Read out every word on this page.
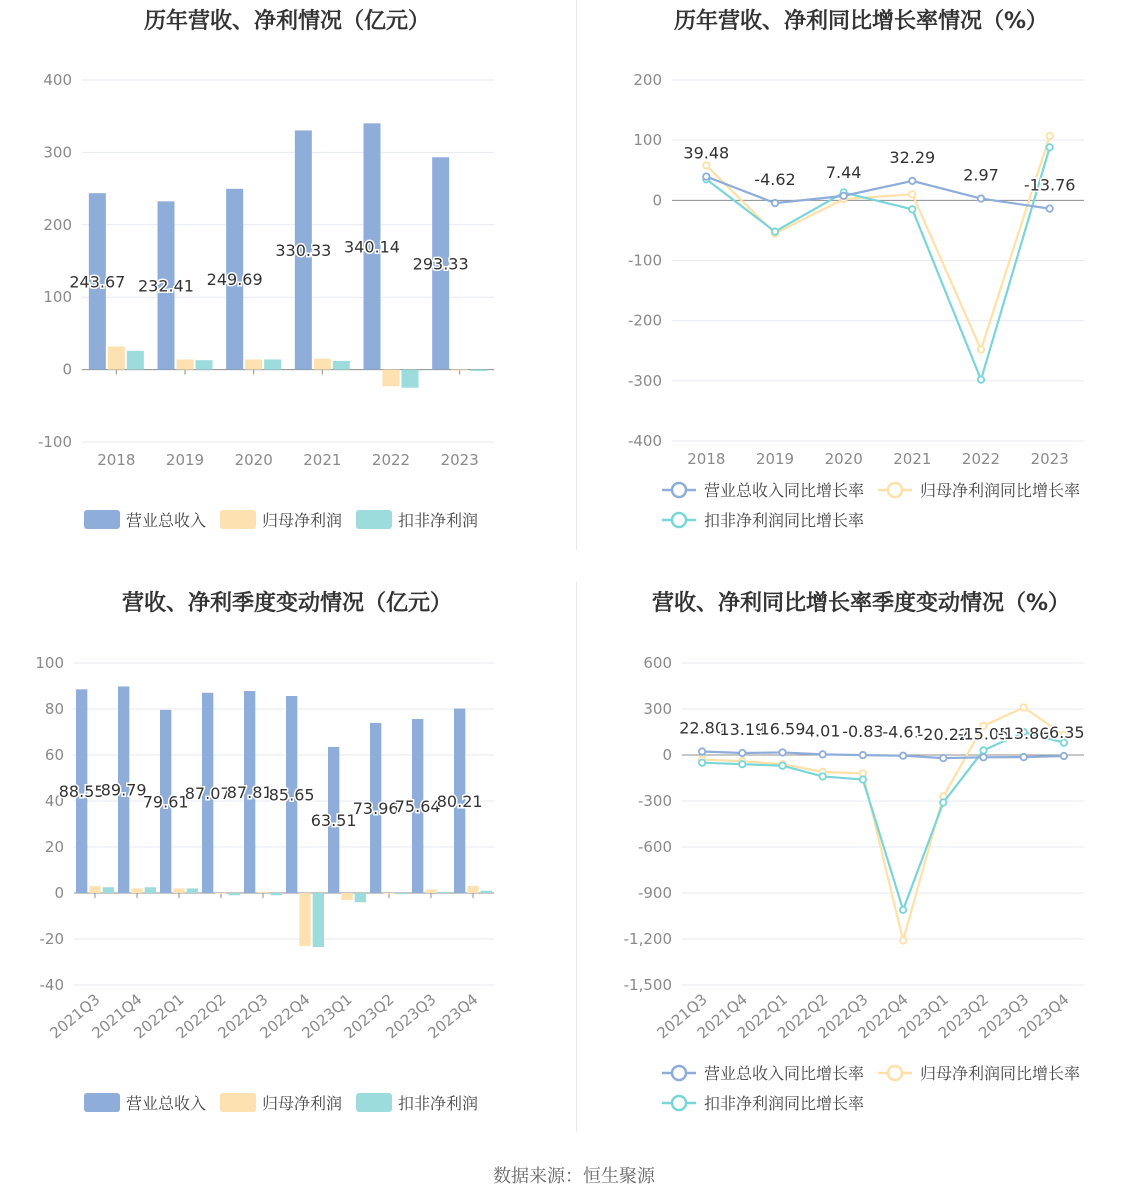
历年营收、净利情况（亿元）
400
300
200
100
0
-100
2018 2019 2020 2021 2022 2023
243.67 232.41 249.69
330.33 340.14
293.33
营业总收入	归母净利润	扣非净利润
历年营收、净利同比增长率情况（%）
200
100
0
-100
-200
-300
-400
2018 2019 2020 2021 2022 2023
39.48
-4.62 7.44
32.29
2.97
-13.76
营业总收入同比增长率	归母净利润同比增长率
扣非净利润同比增长率
营收、净利季度变动情况（亿元）
100
80
60
40
20
0
-20
-40
2021Q3
2021Q4
2022Q1
2022Q2
2022Q3
2022Q4
2023Q1
2023Q2
2023Q3
2023Q4
88.55
89.79
79.61
87.07
87.81
85.65
63.51
73.96
75.64
80.21
营业总收入	归母净利润	扣非净利润
营收、净利同比增长率季度变动情况（%）
600
300
0
-300
-600
-900
-1,200
-1,500
2021Q3
2021Q4
2022Q1
2022Q2
2022Q3
2022Q4
2023Q1
2023Q2
2023Q3
2023Q4
22.80
13.19
16.59 4.01 -0.83
-4.61
-20.22
-15.05
-13.86
-6.35
营业总收入同比增长率	归母净利润同比增长率
扣非净利润同比增长率
数据来源：恒生聚源
